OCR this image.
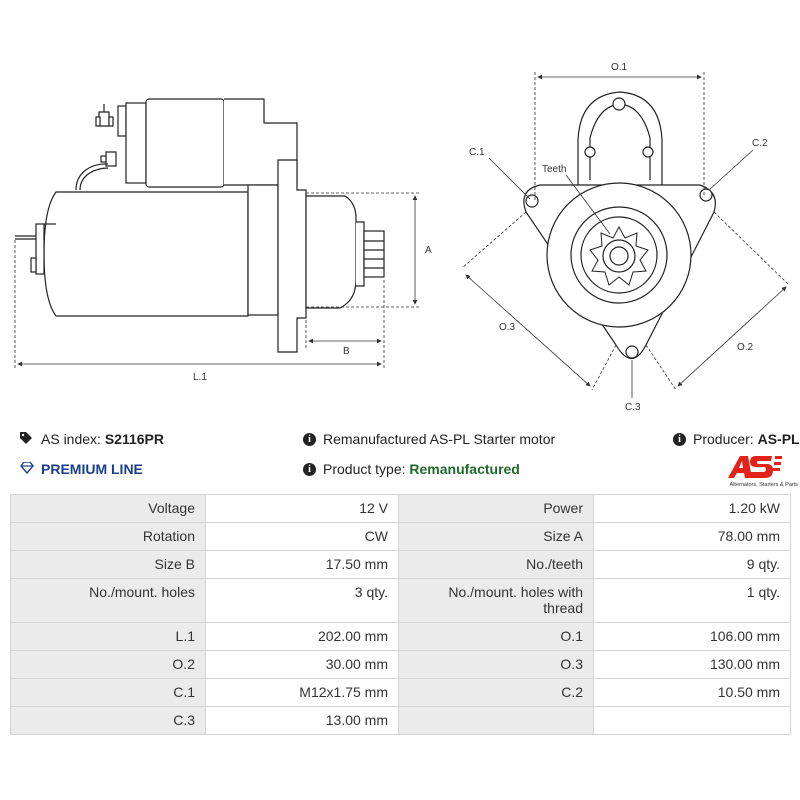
A
B
L.1
O.1
O.3
O.2
C.1
C.2
C.3
Teeth
AS index:
S2116PR	i Remanufactured AS-PL Starter motor	i Producer:
AS-PL
PREMIUM LINE	i Product type:
Remanufactured
Alternators, Starters & Parts
Voltage	12 V	Power	1.20 kW
Rotation	CW	Size A	78.00 mm
Size B	17.50 mm	No./teeth	9 qty.
No./mount. holes	3 qty.	No./mount. holes with thread	1 qty.
L.1	202.00 mm	O.1	106.00 mm
O.2	30.00 mm	O.3	130.00 mm
C.1	M12x1.75 mm	C.2	10.50 mm
C.3	13.00 mm		
